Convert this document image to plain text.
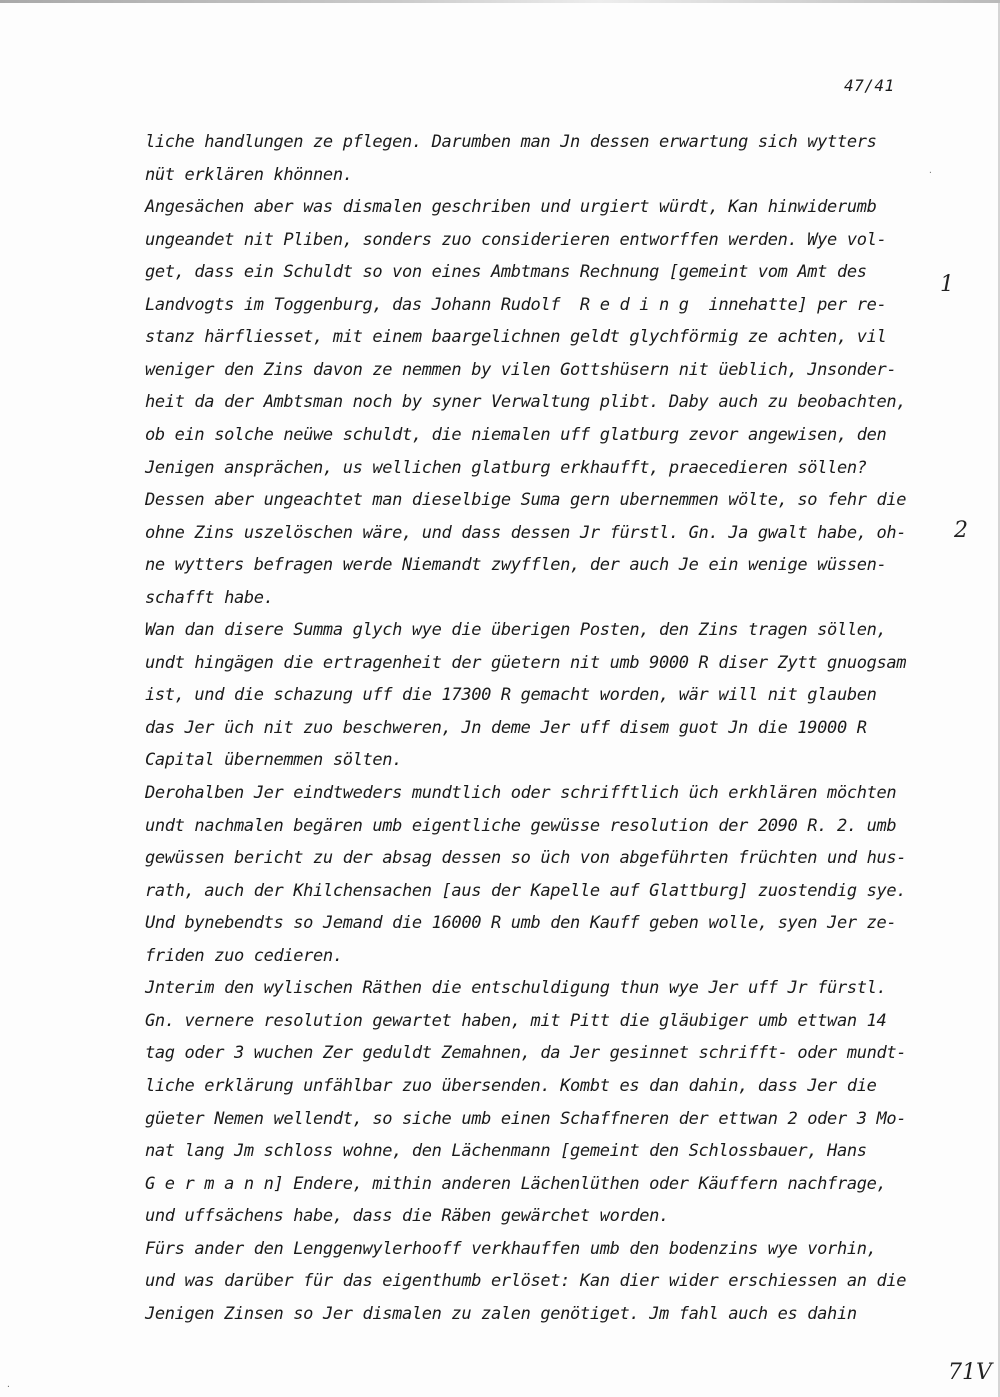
47/41
·
liche handlungen ze pflegen. Darumben man Jn dessen erwartung sich wytters
nüt erklären khönnen.
Angesächen aber was dismalen geschriben und urgiert würdt, Kan hinwiderumb
ungeandet nit Pliben, sonders zuo considerieren entworffen werden. Wye vol-
get, dass ein Schuldt so von eines Ambtmans Rechnung [gemeint vom Amt des
Landvogts im Toggenburg, das Johann Rudolf  R e d i n g  innehatte] per re-
stanz härfliesset, mit einem baargelichnen geldt glychförmig ze achten, vil
weniger den Zins davon ze nemmen by vilen Gottshüsern nit üeblich, Jnsonder-
heit da der Ambtsman noch by syner Verwaltung plibt. Daby auch zu beobachten,
ob ein solche neüwe schuldt, die niemalen uff glatburg zevor angewisen, den
Jenigen ansprächen, us wellichen glatburg erkhaufft, praecedieren söllen?
Dessen aber ungeachtet man dieselbige Suma gern ubernemmen wölte, so fehr die
ohne Zins uszelöschen wäre, und dass dessen Jr fürstl. Gn. Ja gwalt habe, oh-
ne wytters befragen werde Niemandt zwyfflen, der auch Je ein wenige wüssen-
schafft habe.
Wan dan disere Summa glych wye die überigen Posten, den Zins tragen söllen,
undt hingägen die ertragenheit der güetern nit umb 9000 R diser Zytt gnuogsam
ist, und die schazung uff die 17300 R gemacht worden, wär will nit glauben
das Jer üch nit zuo beschweren, Jn deme Jer uff disem guot Jn die 19000 R
Capital übernemmen sölten.
Derohalben Jer eindtweders mundtlich oder schrifftlich üch erkhlären möchten
undt nachmalen begären umb eigentliche gewüsse resolution der 2090 R. 2. umb
gewüssen bericht zu der absag dessen so üch von abgeführten früchten und hus-
rath, auch der Khilchensachen [aus der Kapelle auf Glattburg] zuostendig sye.
Und bynebendts so Jemand die 16000 R umb den Kauff geben wolle, syen Jer ze-
friden zuo cedieren.
Jnterim den wylischen Räthen die entschuldigung thun wye Jer uff Jr fürstl.
Gn. vernere resolution gewartet haben, mit Pitt die gläubiger umb ettwan 14
tag oder 3 wuchen Zer geduldt Zemahnen, da Jer gesinnet schrifft- oder mundt-
liche erklärung unfählbar zuo übersenden. Kombt es dan dahin, dass Jer die
güeter Nemen wellendt, so siche umb einen Schaffneren der ettwan 2 oder 3 Mo-
nat lang Jm schloss wohne, den Lächenmann [gemeint den Schlossbauer, Hans
G e r m a n n] Endere, mithin anderen Lächenlüthen oder Käuffern nachfrage,
und uffsächens habe, dass die Räben gewärchet worden.
Fürs ander den Lenggenwylerhooff verkhauffen umb den bodenzins wye vorhin,
und was darüber für das eigenthumb erlöset: Kan dier wider erschiessen an die
Jenigen Zinsen so Jer dismalen zu zalen genötiget. Jm fahl auch es dahin
1
2
71V
.
